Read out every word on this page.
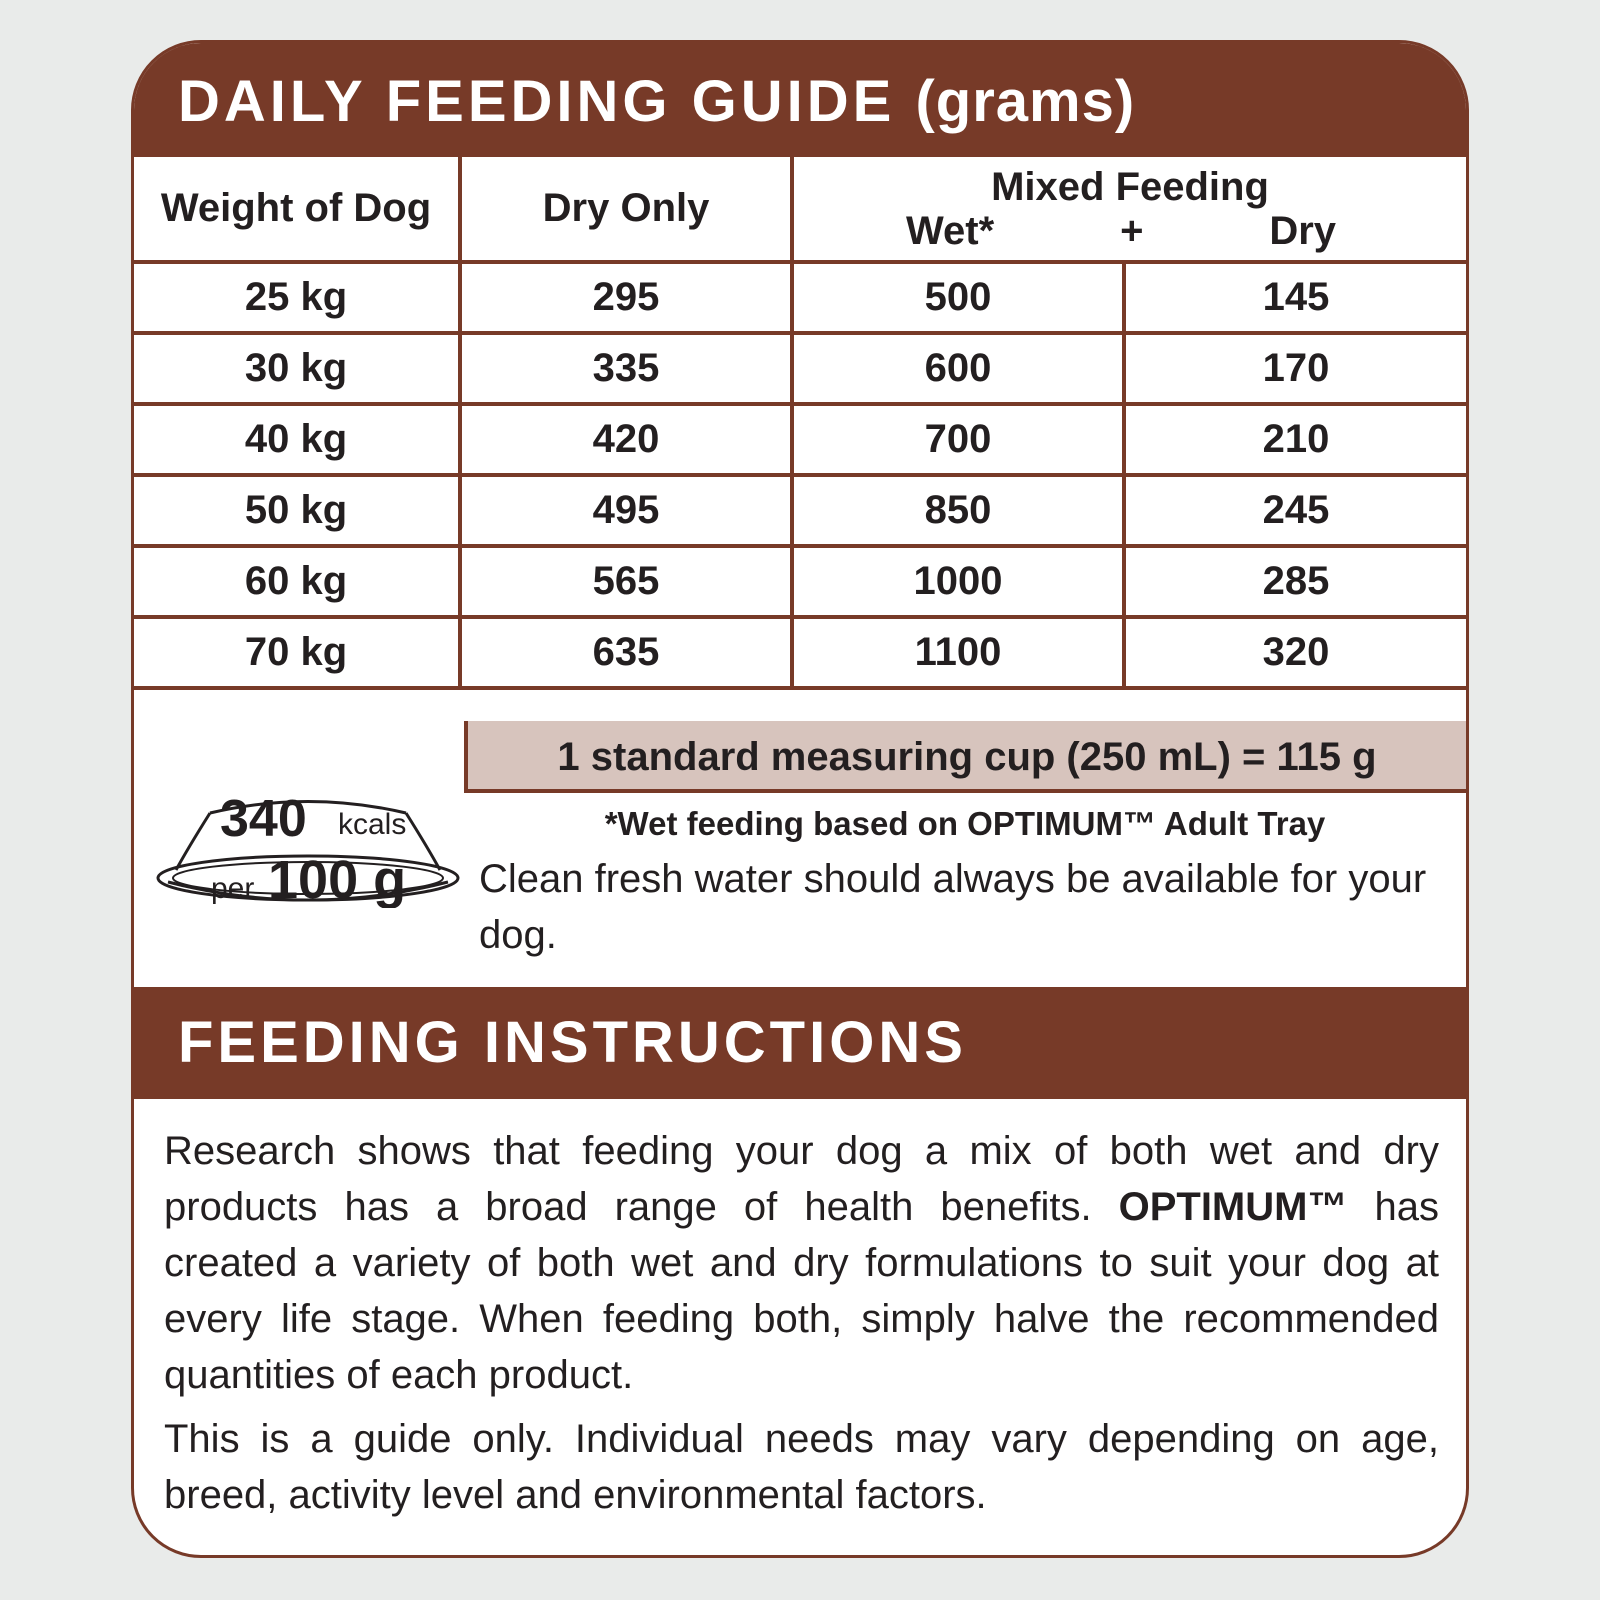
DAILY FEEDING GUIDE (grams)
Weight of Dog	Dry Only	Mixed Feeding
Wet* + Dry	

25 kg	295	500	145
30 kg	335	600	170
40 kg	420	700	210
50 kg	495	850	245
60 kg	565	1000	285
70 kg	635	1100	320
1 standard measuring cup (250 mL) = 115 g
340 kcals
per 100 g
*Wet feeding based on OPTIMUM™ Adult Tray
Clean fresh water should always be available for your dog.
FEEDING INSTRUCTIONS

Research shows that feeding your dog a mix of both wet and dry products has a broad range of health benefits. OPTIMUM™ has created a variety of both wet and dry formulations to suit your dog at every life stage. When feeding both, simply halve the recommended quantities of each product.

This is a guide only. Individual needs may vary depending on age, breed, activity level and environmental factors.
